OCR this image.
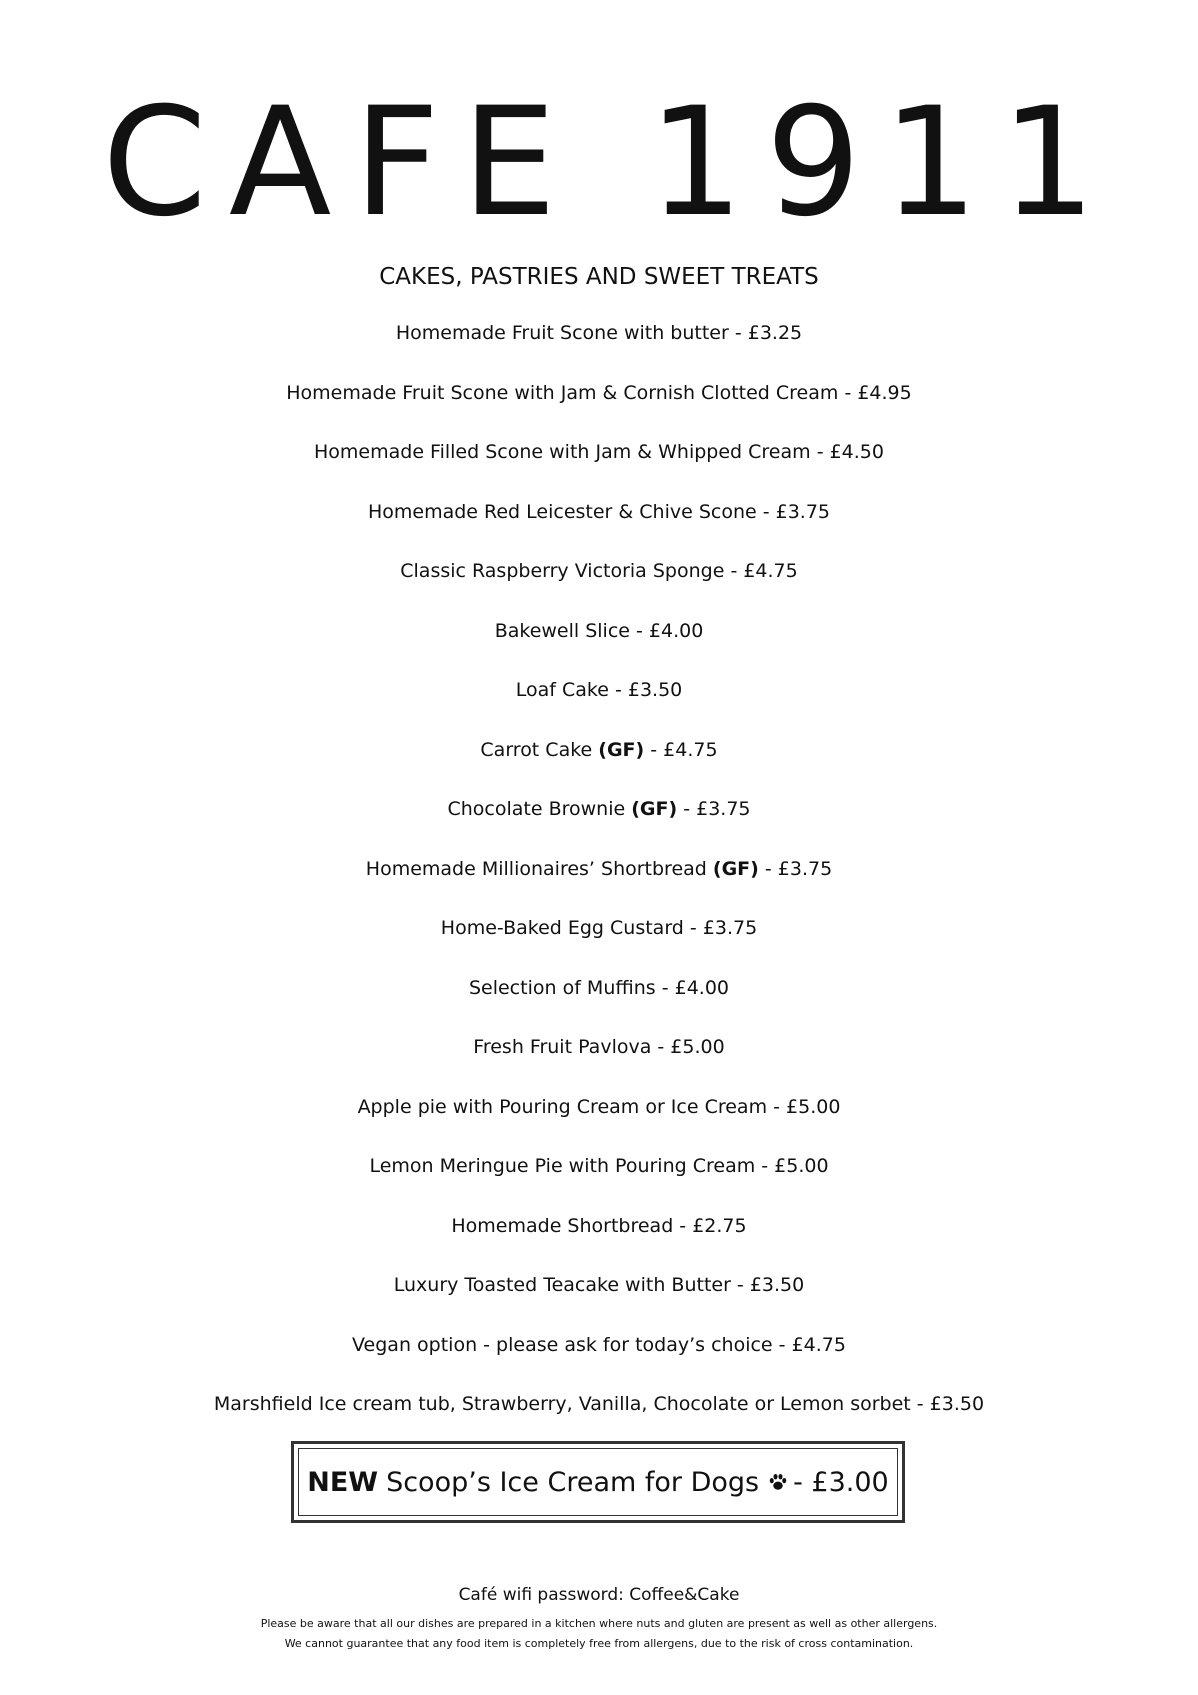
CAFE 1911
CAKES, PASTRIES AND SWEET TREATS
Homemade Fruit Scone with butter - £3.25
Homemade Fruit Scone with Jam & Cornish Clotted Cream - £4.95
Homemade Filled Scone with Jam & Whipped Cream - £4.50
Homemade Red Leicester & Chive Scone - £3.75
Classic Raspberry Victoria Sponge - £4.75
Bakewell Slice - £4.00
Loaf Cake - £3.50
Carrot Cake (GF) - £4.75
Chocolate Brownie (GF) - £3.75
Homemade Millionaires’ Shortbread (GF) - £3.75
Home-Baked Egg Custard - £3.75
Selection of Muffins - £4.00
Fresh Fruit Pavlova - £5.00
Apple pie with Pouring Cream or Ice Cream - £5.00
Lemon Meringue Pie with Pouring Cream - £5.00
Homemade Shortbread - £2.75
Luxury Toasted Teacake with Butter - £3.50
Vegan option - please ask for today’s choice - £4.75
Marshfield Ice cream tub, Strawberry, Vanilla, Chocolate or Lemon sorbet - £3.50
NEW Scoop’s Ice Cream for Dogs - £3.00
Café wifi password: Coffee&Cake
Please be aware that all our dishes are prepared in a kitchen where nuts and gluten are present as well as other allergens.
We cannot guarantee that any food item is completely free from allergens, due to the risk of cross contamination.
